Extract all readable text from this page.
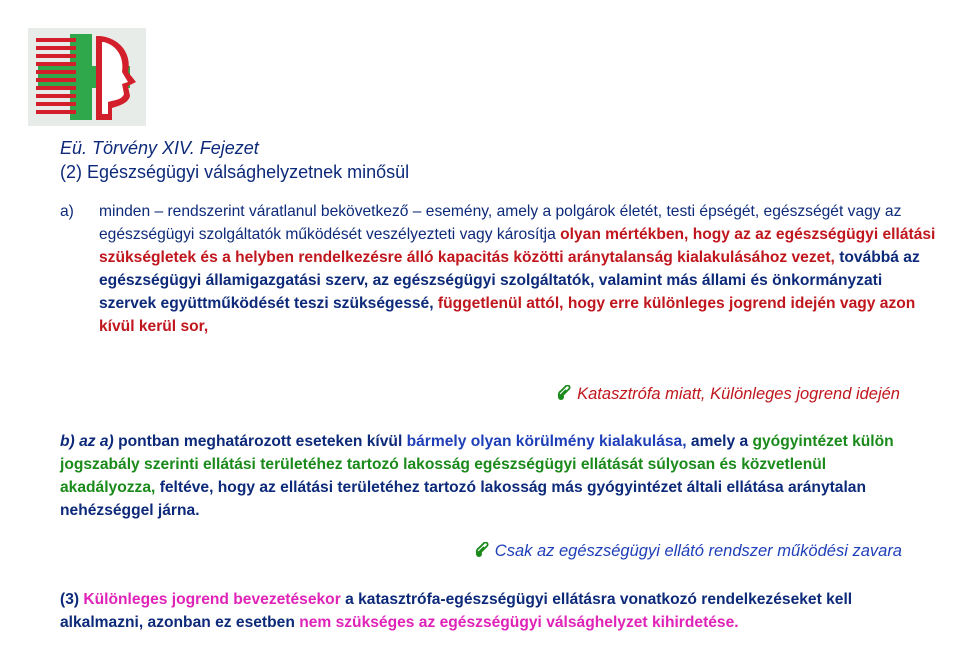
Eü. Törvény XIV. Fejezet
(2) Egészségügyi válsághelyzetnek minősül
a) minden – rendszerint váratlanul bekövetkező – esemény, amely a polgárok életét, testi épségét, egészségét vagy az egészségügyi szolgáltatók működését veszélyezteti vagy károsítja olyan mértékben, hogy az az egészségügyi ellátási szükségletek és a helyben rendelkezésre álló kapacitás közötti aránytalanság kialakulásához vezet, továbbá az egészségügyi államigazgatási szerv, az egészségügyi szolgáltatók, valamint más állami és önkormányzati szervek együttműködését teszi szükségessé, függetlenül attól, hogy erre különleges jogrend idején vagy azon kívül kerül sor,
Katasztrófa miatt, Különleges jogrend idején
b) az a) pontban meghatározott eseteken kívül bármely olyan körülmény kialakulása, amely a gyógyintézet külön jogszabály szerinti ellátási területéhez tartozó lakosság egészségügyi ellátását súlyosan és közvetlenül akadályozza, feltéve, hogy az ellátási területéhez tartozó lakosság más gyógyintézet általi ellátása aránytalan nehézséggel járna.
Csak az egészségügyi ellátó rendszer működési zavara
(3) Különleges jogrend bevezetésekor a katasztrófa-egészségügyi ellátásra vonatkozó rendelkezéseket kell alkalmazni, azonban ez esetben nem szükséges az egészségügyi válsághelyzet kihirdetése.
